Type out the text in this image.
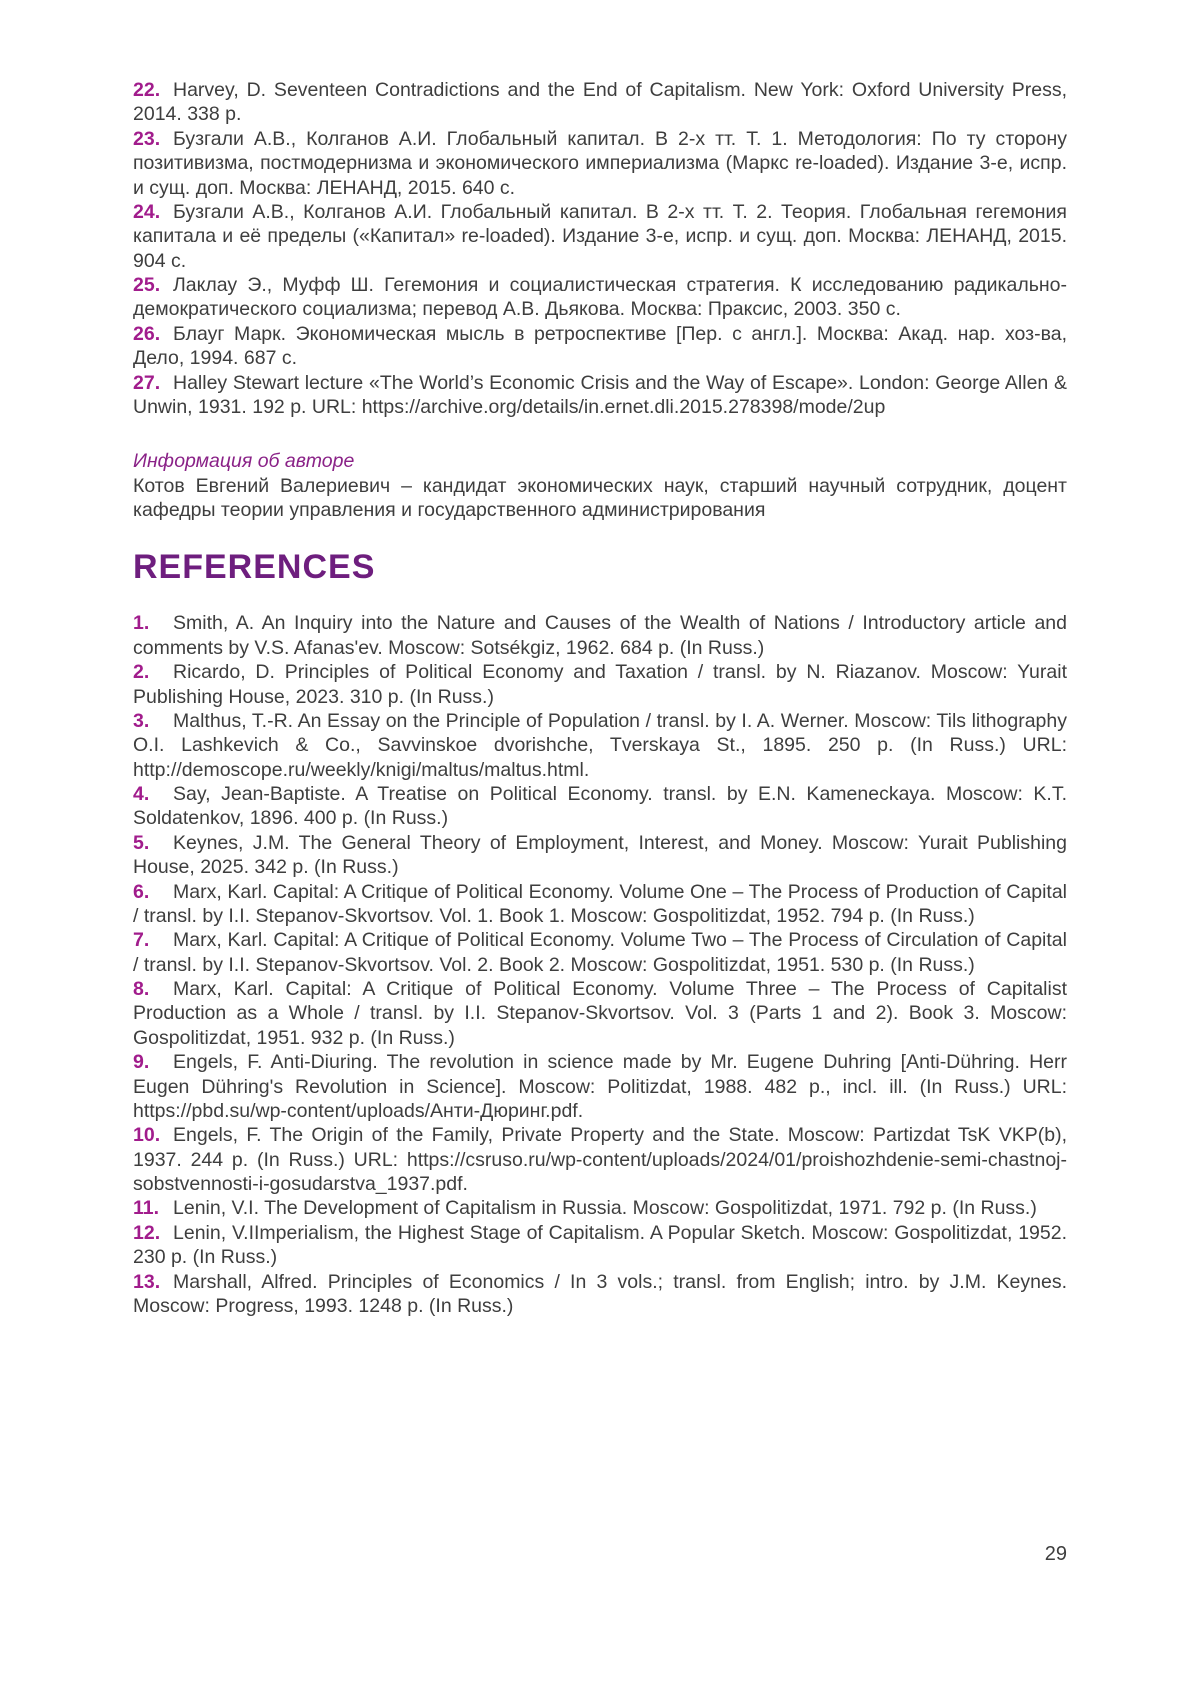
22. Harvey, D. Seventeen Contradictions and the End of Capitalism. New York: Oxford University Press, 2014. 338 p.

23. Бузгали А.В., Колганов А.И. Глобальный капитал. В 2-х тт. Т. 1. Методология: По ту сторону позитивизма, постмодернизма и экономического империализма (Маркс re-loaded). Издание 3-е, испр. и сущ. доп. Москва: ЛЕНАНД, 2015. 640 с.

24. Бузгали А.В., Колганов А.И. Глобальный капитал. В 2-х тт. Т. 2. Теория. Глобальная гегемония капитала и её пределы («Капитал» re-loaded). Издание 3-е, испр. и сущ. доп. Москва: ЛЕНАНД, 2015. 904 с.

25. Лаклау Э., Муфф Ш. Гегемония и социалистическая стратегия. К исследованию радикально-демократического социализма; перевод А.В. Дьякова. Москва: Праксис, 2003. 350 с.

26. Блауг Марк. Экономическая мысль в ретроспективе [Пер. с англ.]. Москва: Акад. нар. хоз-ва, Дело, 1994. 687 с.

27. Halley Stewart lecture «The World’s Economic Crisis and the Way of Escape». London: George Allen & Unwin, 1931. 192 p. URL: https://archive.org/details/in.ernet.dli.2015.278398/mode/2up

Информация об авторе
Котов Евгений Валериевич – кандидат экономических наук, старший научный сотрудник, доцент кафедры теории управления и государственного администрирования
REFERENCES

1. Smith, A. An Inquiry into the Nature and Causes of the Wealth of Nations / Introductory article and comments by V.S. Afanas'ev. Moscow: Sotsékgiz, 1962. 684 p. (In Russ.)

2. Ricardo, D. Principles of Political Economy and Taxation / transl. by N. Riazanov. Moscow: Yurait Publishing House, 2023. 310 p. (In Russ.)

3. Malthus, T.-R. An Essay on the Principle of Population / transl. by I. A. Werner. Moscow: Tils lithography O.I. Lashkevich & Co., Savvinskoe dvorishche, Tverskaya St., 1895. 250 p. (In Russ.) URL: http://demoscope.ru/weekly/knigi/maltus/maltus.html.

4. Say, Jean-Baptiste. A Treatise on Political Economy. transl. by E.N. Kameneckaya. Moscow: K.T. Soldatenkov, 1896. 400 p. (In Russ.)

5. Keynes, J.M. The General Theory of Employment, Interest, and Money. Moscow: Yurait Publishing House, 2025. 342 p. (In Russ.)

6. Marx, Karl. Capital: A Critique of Political Economy. Volume One – The Process of Production of Capital / transl. by I.I. Stepanov-Skvortsov. Vol. 1. Book 1. Moscow: Gospolitizdat, 1952. 794 p. (In Russ.)

7. Marx, Karl. Capital: A Critique of Political Economy. Volume Two – The Process of Circulation of Capital / transl. by I.I. Stepanov-Skvortsov. Vol. 2. Book 2. Moscow: Gospolitizdat, 1951. 530 p. (In Russ.)

8. Marx, Karl. Capital: A Critique of Political Economy. Volume Three – The Process of Capitalist Production as a Whole / transl. by I.I. Stepanov-Skvortsov. Vol. 3 (Parts 1 and 2). Book 3. Moscow: Gospolitizdat, 1951. 932 p. (In Russ.)

9. Engels, F. Anti-Diuring. The revolution in science made by Mr. Eugene Duhring [Anti-Dühring. Herr Eugen Dühring's Revolution in Science]. Moscow: Politizdat, 1988. 482 p., incl. ill. (In Russ.) URL: https://pbd.su/wp-content/uploads/Анти-Дюринг.pdf.

10. Engels, F. The Origin of the Family, Private Property and the State. Moscow: Partizdat TsK VKP(b), 1937. 244 p. (In Russ.) URL: https://csruso.ru/wp-content/uploads/2024/01/proishozhdenie-semi-chastnoj-sobstvennosti-i-gosudarstva_1937.pdf.

11. Lenin, V.I. The Development of Capitalism in Russia. Moscow: Gospolitizdat, 1971. 792 p. (In Russ.)

12. Lenin, V.IImperialism, the Highest Stage of Capitalism. A Popular Sketch. Moscow: Gospolitizdat, 1952. 230 p. (In Russ.)

13. Marshall, Alfred. Principles of Economics / In 3 vols.; transl. from English; intro. by J.M. Keynes. Moscow: Progress, 1993. 1248 p. (In Russ.)

29
